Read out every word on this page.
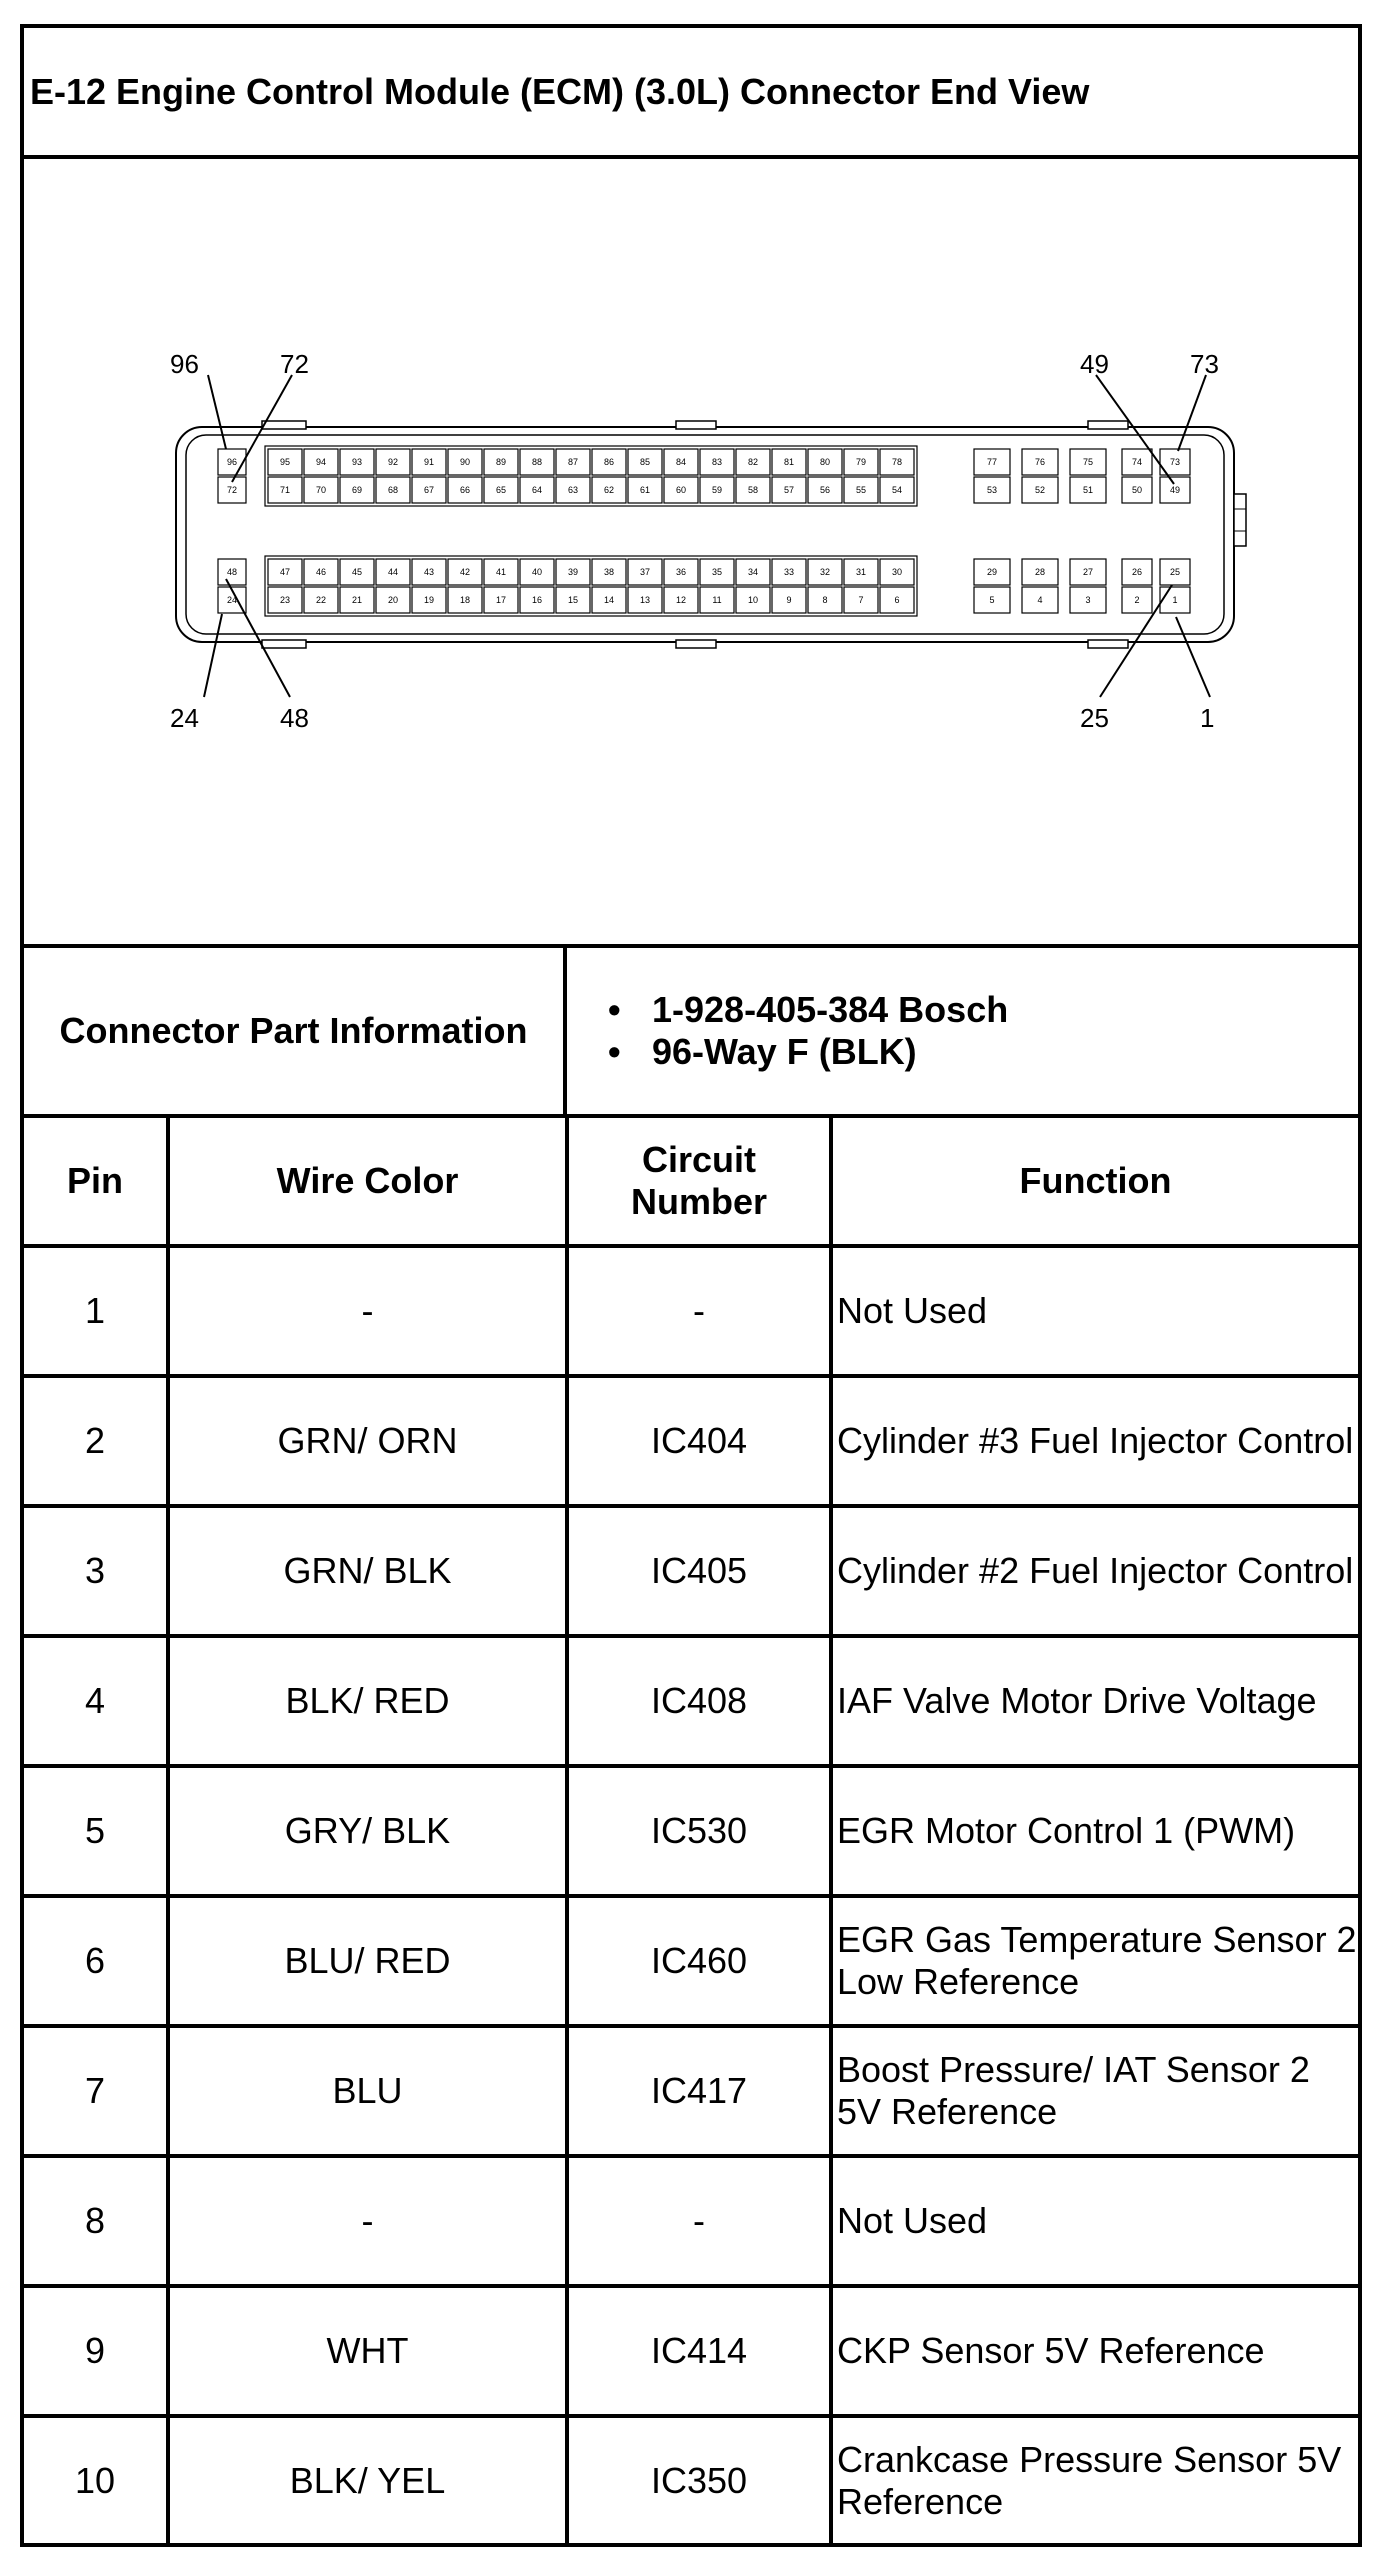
E-12 Engine Control Module (ECM) (3.0L) Connector End View
96	95	94	93	92	91	90	89	88	87	86	85	84	83	82	81	80	79	78	77	76	75	74	73
72	71	70	69	68	67	66	65	64	63	62	61	60	59	58	57	56	55	54	53	52	51	50	49
48	47	46	45	44	43	42	41	40	39	38	37	36	35	34	33	32	31	30	29	28	27	26	25
24	23	22	21	20	19	18	17	16	15	14	13	12	11	10	9	8	7	6	5	4	3	2	1
96	72	49	73
24	48	25	1
Connector Part Information
• 1-928-405-384 Bosch
• 96-Way F (BLK)
Pin	Wire Color	Circuit
Number	Function
1	-	-	Not Used
2	GRN/ ORN	IC404	Cylinder #3 Fuel Injector Control
3	GRN/ BLK	IC405	Cylinder #2 Fuel Injector Control
4	BLK/ RED	IC408	IAF Valve Motor Drive Voltage
5	GRY/ BLK	IC530	EGR Motor Control 1 (PWM)
6	BLU/ RED	IC460	EGR Gas Temperature Sensor 2 Low Reference
7	BLU	IC417	Boost Pressure/ IAT Sensor 2 5V Reference
8	-	-	Not Used
9	WHT	IC414	CKP Sensor 5V Reference
10	BLK/ YEL	IC350	Crankcase Pressure Sensor 5V Reference
